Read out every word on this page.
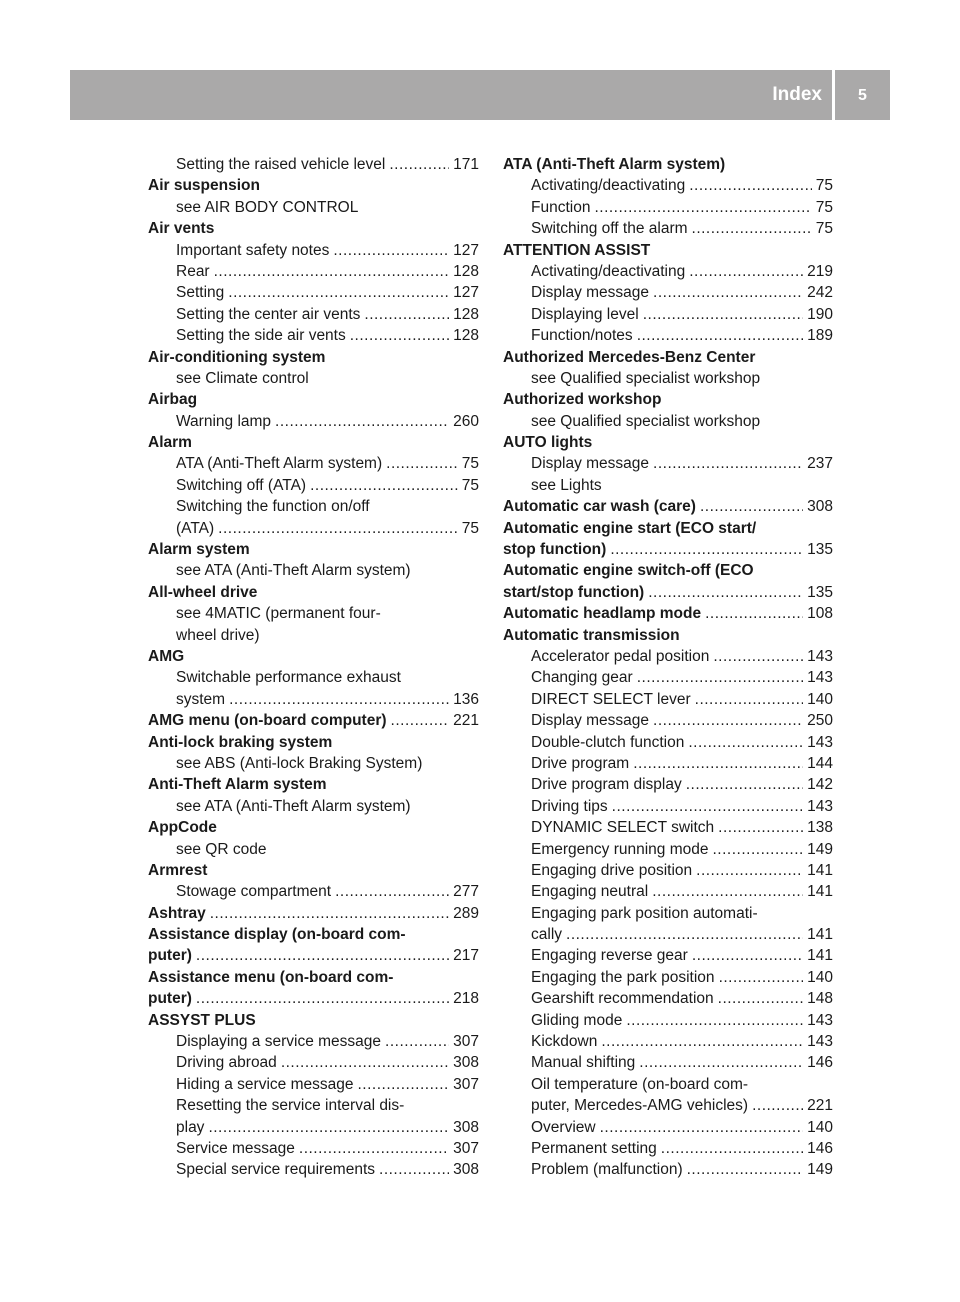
Index	5
Setting the raised vehicle level .....	171
Air suspension
see AIR BODY CONTROL
Air vents
Important safety notes .....	127
Rear .....	128
Setting .....	127
Setting the center air vents .....	128
Setting the side air vents .....	128
Air-conditioning system
see Climate control
Airbag
Warning lamp .....	260
Alarm
ATA (Anti-Theft Alarm system) .....	75
Switching off (ATA) .....	75
Switching the function on/off
(ATA) .....	75
Alarm system
see ATA (Anti-Theft Alarm system)
All-wheel drive
see 4MATIC (permanent four-
wheel drive)
AMG
Switchable performance exhaust
system .....	136
AMG menu (on-board computer) .....	221
Anti-lock braking system
see ABS (Anti-lock Braking System)
Anti-Theft Alarm system
see ATA (Anti-Theft Alarm system)
AppCode
see QR code
Armrest
Stowage compartment .....	277
Ashtray .....	289
Assistance display (on-board com-
puter) .....	217
Assistance menu (on-board com-
puter) .....	218
ASSYST PLUS
Displaying a service message .....	307
Driving abroad .....	308
Hiding a service message .....	307
Resetting the service interval dis-
play .....	308
Service message .....	307
Special service requirements .....	308
ATA (Anti-Theft Alarm system)
Activating/deactivating .....	75
Function .....	75
Switching off the alarm .....	75
ATTENTION ASSIST
Activating/deactivating .....	219
Display message .....	242
Displaying level .....	190
Function/notes .....	189
Authorized Mercedes-Benz Center
see Qualified specialist workshop
Authorized workshop
see Qualified specialist workshop
AUTO lights
Display message .....	237
see Lights
Automatic car wash (care) .....	308
Automatic engine start (ECO start/
stop function) .....	135
Automatic engine switch-off (ECO
start/stop function) .....	135
Automatic headlamp mode .....	108
Automatic transmission
Accelerator pedal position .....	143
Changing gear .....	143
DIRECT SELECT lever .....	140
Display message .....	250
Double-clutch function .....	143
Drive program .....	144
Drive program display .....	142
Driving tips .....	143
DYNAMIC SELECT switch .....	138
Emergency running mode .....	149
Engaging drive position .....	141
Engaging neutral .....	141
Engaging park position automati-
cally .....	141
Engaging reverse gear .....	141
Engaging the park position .....	140
Gearshift recommendation .....	148
Gliding mode .....	143
Kickdown .....	143
Manual shifting .....	146
Oil temperature (on-board com-
puter, Mercedes-AMG vehicles) .....	221
Overview .....	140
Permanent setting .....	146
Problem (malfunction) .....	149
